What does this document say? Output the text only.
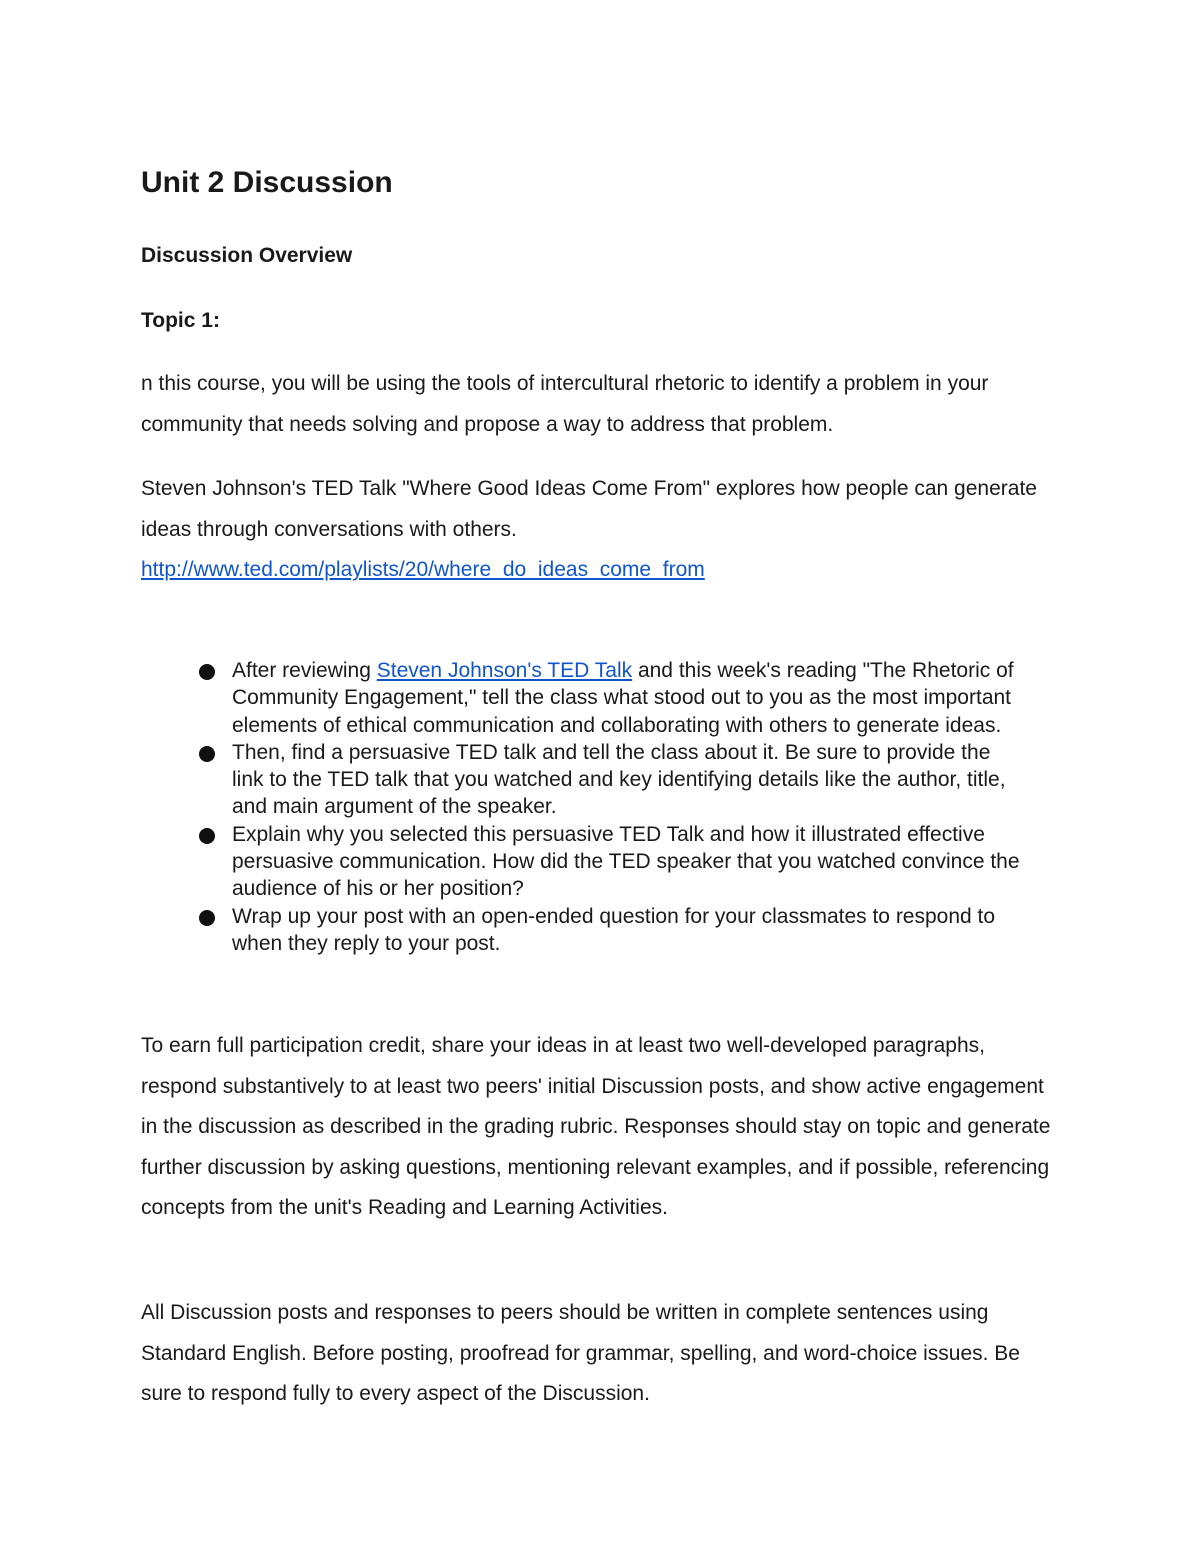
Unit 2 Discussion

Discussion Overview

Topic 1:

n this course, you will be using the tools of intercultural rhetoric to identify a problem in your community that needs solving and propose a way to address that problem.

Steven Johnson's TED Talk "Where Good Ideas Come From" explores how people can generate ideas through conversations with others.
http://www.ted.com/playlists/20/where_do_ideas_come_from
After reviewing Steven Johnson's TED Talk and this week's reading "The Rhetoric of Community Engagement," tell the class what stood out to you as the most important elements of ethical communication and collaborating with others to generate ideas.
Then, find a persuasive TED talk and tell the class about it. Be sure to provide the link to the TED talk that you watched and key identifying details like the author, title, and main argument of the speaker.
Explain why you selected this persuasive TED Talk and how it illustrated effective persuasive communication. How did the TED speaker that you watched convince the audience of his or her position?
Wrap up your post with an open-ended question for your classmates to respond to when they reply to your post.

To earn full participation credit, share your ideas in at least two well-developed paragraphs, respond substantively to at least two peers' initial Discussion posts, and show active engagement in the discussion as described in the grading rubric. Responses should stay on topic and generate further discussion by asking questions, mentioning relevant examples, and if possible, referencing concepts from the unit's Reading and Learning Activities.

All Discussion posts and responses to peers should be written in complete sentences using Standard English. Before posting, proofread for grammar, spelling, and word-choice issues. Be sure to respond fully to every aspect of the Discussion.
